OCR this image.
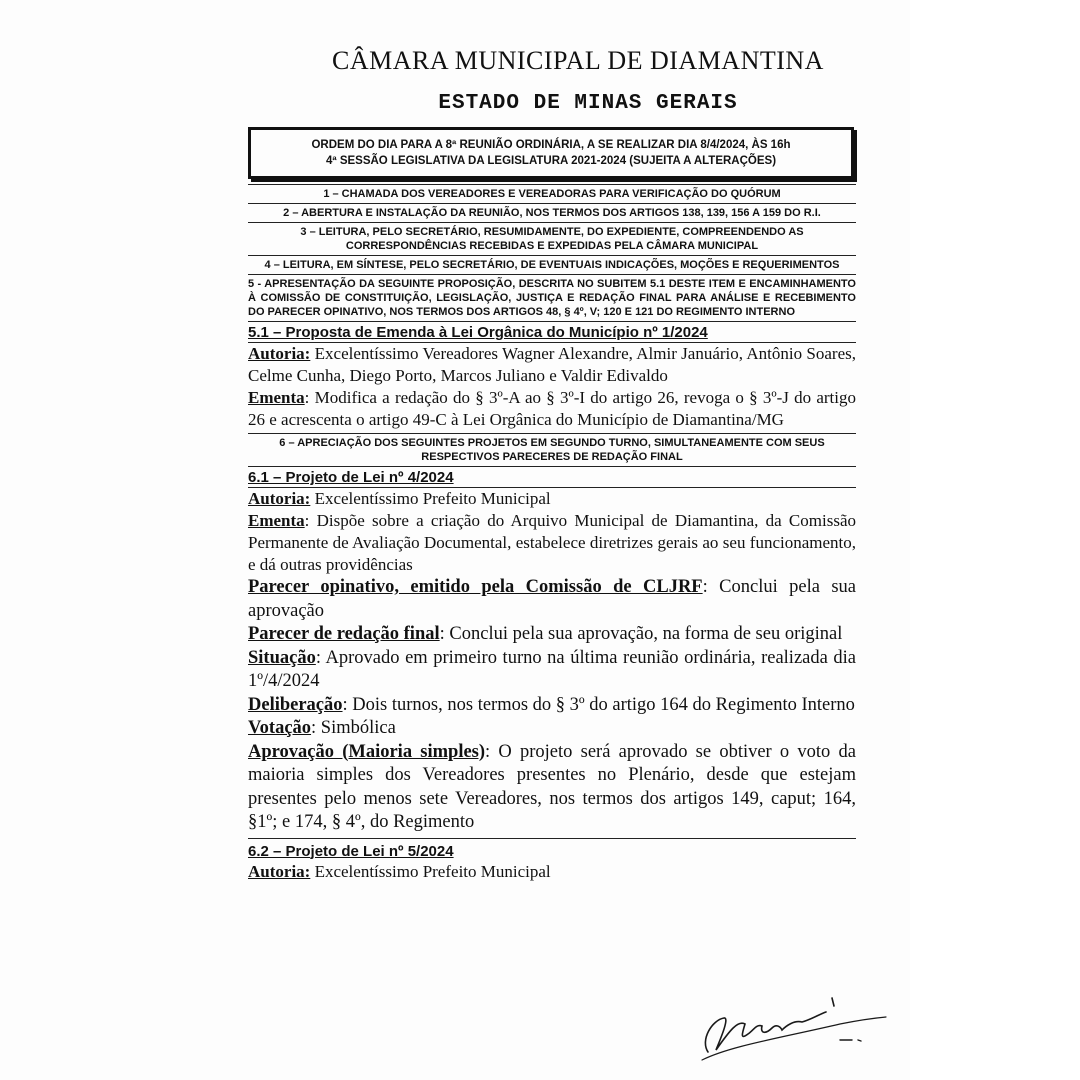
CÂMARA MUNICIPAL DE DIAMANTINA
ESTADO DE MINAS GERAIS

ORDEM DO DIA PARA A 8ª REUNIÃO ORDINÁRIA, A SE REALIZAR DIA 8/4/2024, ÀS 16h

4ª SESSÃO LEGISLATIVA DA LEGISLATURA 2021-2024 (SUJEITA A ALTERAÇÕES)

1 – CHAMADA DOS VEREADORES E VEREADORAS PARA VERIFICAÇÃO DO QUÓRUM
2 – ABERTURA E INSTALAÇÃO DA REUNIÃO, NOS TERMOS DOS ARTIGOS 138, 139, 156 A 159 DO R.I.
3 – LEITURA, PELO SECRETÁRIO, RESUMIDAMENTE, DO EXPEDIENTE, COMPREENDENDO AS CORRESPONDÊNCIAS RECEBIDAS E EXPEDIDAS PELA CÂMARA MUNICIPAL
4 – LEITURA, EM SÍNTESE, PELO SECRETÁRIO, DE EVENTUAIS INDICAÇÕES, MOÇÕES E REQUERIMENTOS
5 - APRESENTAÇÃO DA SEGUINTE PROPOSIÇÃO, DESCRITA NO SUBITEM 5.1 DESTE ITEM E ENCAMINHAMENTO À COMISSÃO DE CONSTITUIÇÃO, LEGISLAÇÃO, JUSTIÇA E REDAÇÃO FINAL PARA ANÁLISE E RECEBIMENTO DO PARECER OPINATIVO, NOS TERMOS DOS ARTIGOS 48, § 4º, V; 120 E 121 DO REGIMENTO INTERNO
5.1 – Proposta de Emenda à Lei Orgânica do Município nº 1/2024
Autoria: Excelentíssimo Vereadores Wagner Alexandre, Almir Januário, Antônio Soares, Celme Cunha, Diego Porto, Marcos Juliano e Valdir Edivaldo
Ementa: Modifica a redação do § 3º-A ao § 3º-I do artigo 26, revoga o § 3º-J do artigo 26 e acrescenta o artigo 49-C à Lei Orgânica do Município de Diamantina/MG
6 – APRECIAÇÃO DOS SEGUINTES PROJETOS EM SEGUNDO TURNO, SIMULTANEAMENTE COM SEUS RESPECTIVOS PARECERES DE REDAÇÃO FINAL
6.1 – Projeto de Lei nº 4/2024
Autoria: Excelentíssimo Prefeito Municipal
Ementa: Dispõe sobre a criação do Arquivo Municipal de Diamantina, da Comissão Permanente de Avaliação Documental, estabelece diretrizes gerais ao seu funcionamento, e dá outras providências
Parecer opinativo, emitido pela Comissão de CLJRF: Conclui pela sua aprovação
Parecer de redação final: Conclui pela sua aprovação, na forma de seu original
Situação: Aprovado em primeiro turno na última reunião ordinária, realizada dia 1º/4/2024
Deliberação: Dois turnos, nos termos do § 3º do artigo 164 do Regimento Interno
Votação: Simbólica
Aprovação (Maioria simples): O projeto será aprovado se obtiver o voto da maioria simples dos Vereadores presentes no Plenário, desde que estejam presentes pelo menos sete Vereadores, nos termos dos artigos 149, caput; 164, §1º; e 174, § 4º, do Regimento
6.2 – Projeto de Lei nº 5/2024
Autoria: Excelentíssimo Prefeito Municipal
